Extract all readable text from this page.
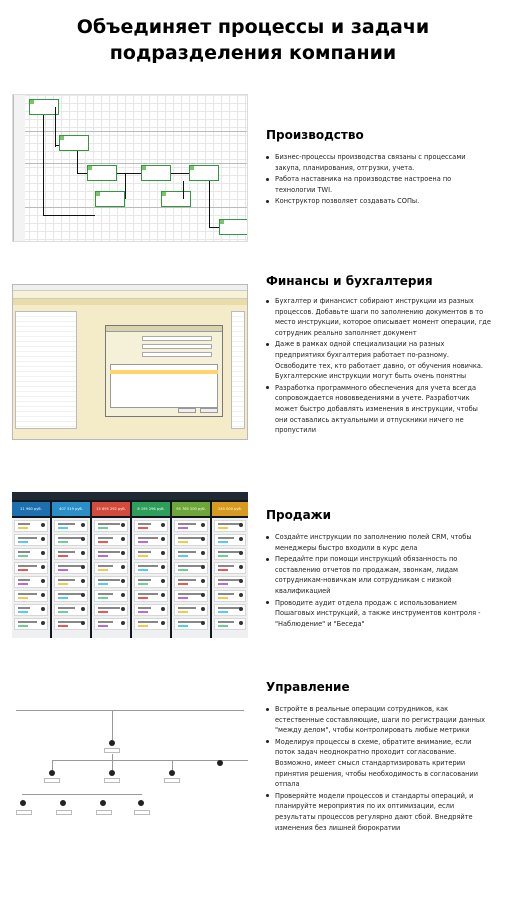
Объединяет процессы и задачи подразделения компании
Производство
Бизнес-процессы производства связаны с процессами закупа, планирования, отгрузки, учета.
Работа наставника на производстве настроена по технологии TWI.
Конструктор позволяет создавать СОПы.
Финансы и бухгалтерия
Бухгалтер и финансист собирают инструкции из разных процессов. Добавьте шаги по заполнению документов в то место инструкции, которое описывает момент операции, где сотрудник реально заполняет документ
Даже в рамках одной специализации на разных предприятиях бухгалтерия работает по-разному. Освободите тех, кто работает давно, от обучения новичка. Бухгалтерские инструкции могут быть очень понятны
Разработка программного обеспечения для учета всегда сопровождается нововведениями в учете. Разработчик может быстро добавлять изменения в инструкции, чтобы они оставались актуальными и отпускники ничего не пропустили
21 960 руб.	407 519 руб.	15 695 292 руб.	8 195 296 руб.	95 765 200 руб.	245 000 руб.	Продажи
Создайте инструкции по заполнению полей CRM, чтобы менеджеры быстро входили в курс дела
Передайте при помощи инструкций обязанность по составлению отчетов по продажам, звонкам, лидам сотрудникам-новичкам или сотрудникам с низкой квалификацией
Проводите аудит отдела продаж с использованием Пошаговых инструкций, а также инструментов контроля - "Наблюдение" и "Беседа"
Управление
Встройте в реальные операции сотрудников, как естественные составляющие, шаги по регистрации данных "между делом", чтобы контролировать любые метрики
Моделируя процессы в схеме, обратите внимание, если поток задач неоднократно проходит согласование. Возможно, имеет смысл стандартизировать критерии принятия решения, чтобы необходимость в согласовании отпала
Проверяйте модели процессов и стандарты операций, и планируйте мероприятия по их оптимизации, если результаты процессов регулярно дают сбой. Внедряйте изменения без лишней бюрократии
